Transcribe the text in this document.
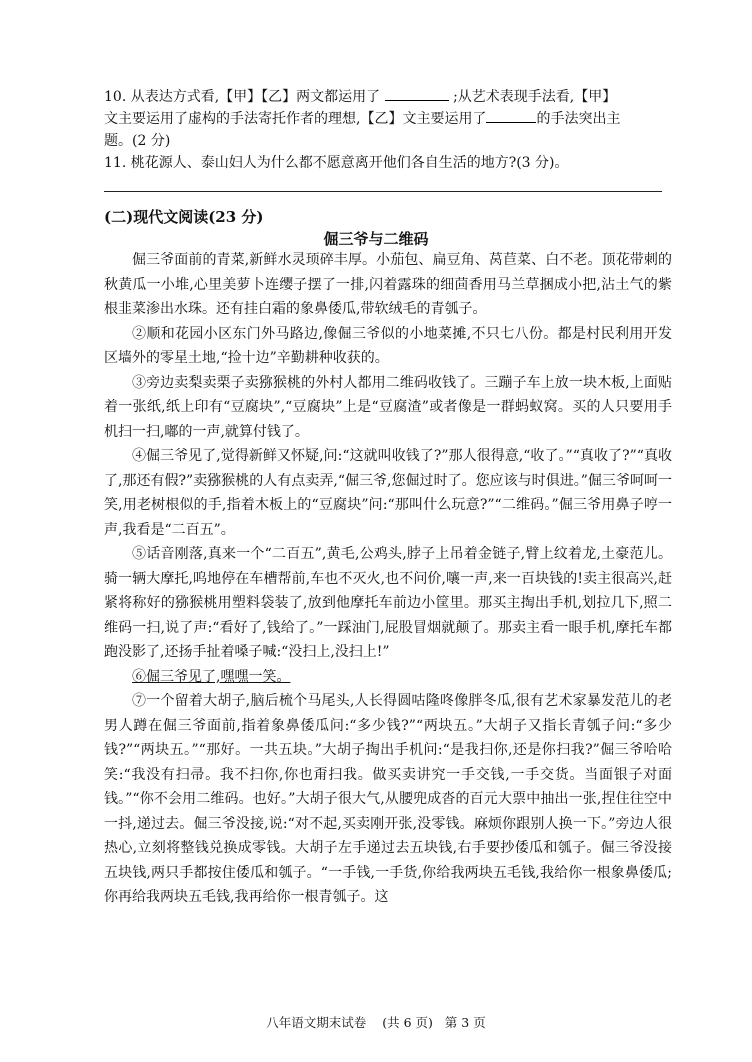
10. 从表达方式看,【甲】【乙】两文都运用了	;从艺术表现手法看,【甲】
文主要运用了虚构的手法寄托作者的理想,【乙】文主要运用了	的手法突出主
题。(2 分)
11. 桃花源人、泰山妇人为什么都不愿意离开他们各自生活的地方?(3 分)。
(二)现代文阅读(23 分)
倔三爷与二维码

倔三爷面前的青菜,新鲜水灵顼碎丰厚。小茄包、扁豆角、莴苣菜、白不老。顶花带刺的秋黄瓜一小堆,心里美萝卜连缨子摆了一排,闪着露珠的细茴香用马兰草捆成小把,沾土气的紫根韭菜渗出水珠。还有挂白霜的象鼻倭瓜,带软绒毛的青瓠子。

②顺和花园小区东门外马路边,像倔三爷似的小地菜摊,不只七八份。都是村民利用开发区墙外的零星土地,“捡十边”辛勤耕种收获的。

③旁边卖梨卖栗子卖猕猴桃的外村人都用二维码收钱了。三蹦子车上放一块木板,上面贴着一张纸,纸上印有“豆腐块”,“豆腐块”上是“豆腐渣”或者像是一群蚂蚁窝。买的人只要用手机扫一扫,嘟的一声,就算付钱了。

④倔三爷见了,觉得新鲜又怀疑,问:“这就叫收钱了?”那人很得意,“收了。”“真收了?”“真收了,那还有假?”卖猕猴桃的人有点卖弄,“倔三爷,您倔过时了。您应该与时俱进。”倔三爷呵呵一笑,用老树根似的手,指着木板上的“豆腐块”问:“那叫什么玩意?”“二维码。”倔三爷用鼻子哼一声,我看是“二百五”。

⑤话音刚落,真来一个“二百五”,黄毛,公鸡头,脖子上吊着金链子,臂上纹着龙,土豪范儿。骑一辆大摩托,呜地停在车槽帮前,车也不灭火,也不问价,嚷一声,来一百块钱的!卖主很高兴,赶紧将称好的猕猴桃用塑料袋装了,放到他摩托车前边小筐里。那买主掏出手机,划拉几下,照二维码一扫,说了声:“看好了,钱给了。”一踩油门,屁股冒烟就颠了。那卖主看一眼手机,摩托车都跑没影了,还扬手扯着嗓子喊:“没扫上,没扫上!”

⑥倔三爷见了,嘿嘿一笑。

⑦一个留着大胡子,脑后梳个马尾头,人长得圆咕隆咚像胖冬瓜,很有艺术家暴发范儿的老男人蹲在倔三爷面前,指着象鼻倭瓜问:“多少钱?”“两块五。”大胡子又指长青瓠子问:“多少钱?”“两块五。”“那好。一共五块。”大胡子掏出手机问:“是我扫你,还是你扫我?”倔三爷哈哈笑:“我没有扫帚。我不扫你,你也甭扫我。做买卖讲究一手交钱,一手交货。当面银子对面钱。”“你不会用二维码。也好。”大胡子很大气,从腰兜成沓的百元大票中抽出一张,捏住往空中一抖,递过去。倔三爷没接,说:“对不起,买卖刚开张,没零钱。麻烦你跟别人换一下。”旁边人很热心,立刻将整钱兑换成零钱。大胡子左手递过去五块钱,右手要抄倭瓜和瓠子。倔三爷没接五块钱,两只手都按住倭瓜和瓠子。“一手钱,一手货,你给我两块五毛钱,我给你一根象鼻倭瓜;你再给我两块五毛钱,我再给你一根青瓠子。这

八年语文期末试卷 (共 6 页) 第 3 页
